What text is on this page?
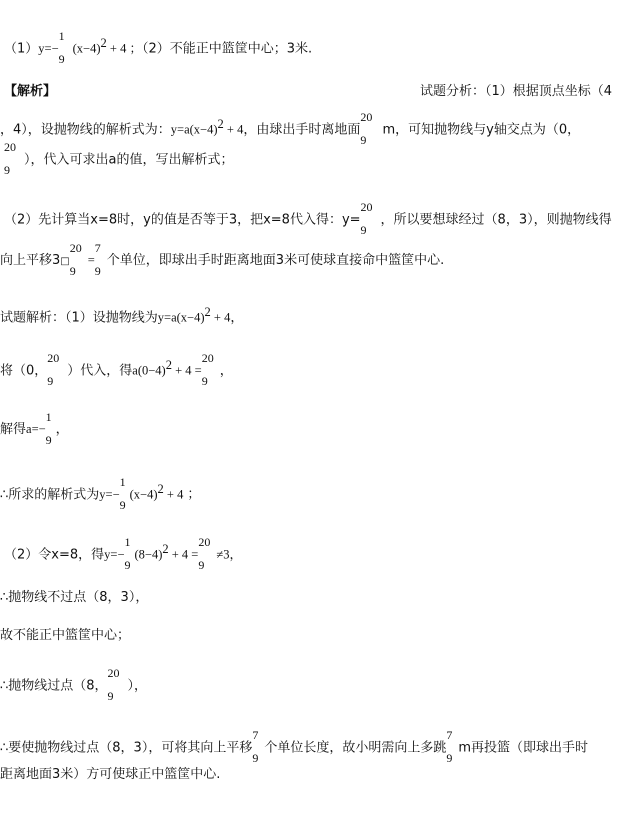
（1）y=−
1
9
$(x-4)^2 + 4$ ；（2）不能正中篮筐中心；3米.
【解析】	试题分析：（1）根据顶点坐标（4
，4），设抛物线的解析式为：$y=a(x-4)^2 + 4$，由球出手时离地面
20
9
m，可知抛物线与y轴交点为（0，
20
9
），代入可求出a的值，写出解析式；
（2）先计算当x=8时，y的值是否等于3，把x=8代入得：y=
20
9
，所以要想球经过（8，3），则抛物线得
向上平移3□
20
9
=
7
9
个单位，即球出手时距离地面3米可使球直接命中篮筐中心.
试题解析：（1）设抛物线为$y=a(x-4)^2 + 4$，
将（0，
20
9
）代入，得$a(0-4)^2 + 4$ =
20
9
，
解得a=−
1
9
，
∴所求的解析式为y=−
1
9
$(x-4)^2 + 4$ ；
（2）令x=8，得y=−
1
9
$(8-4)^2 + 4$ =
20
9
≠3，
∴抛物线不过点（8，3），
故不能正中篮筐中心；
∴抛物线过点（8，
20
9
），
∴要使抛物线过点（8，3），可将其向上平移
7
9
个单位长度，故小明需向上多跳
7
9
m再投篮（即球出手时
距离地面3米）方可使球正中篮筐中心.
